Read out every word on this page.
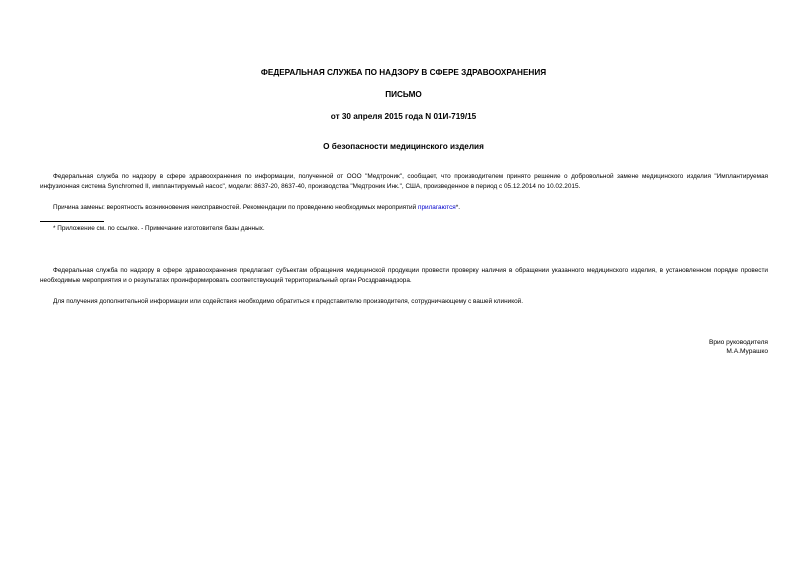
ФЕДЕРАЛЬНАЯ СЛУЖБА ПО НАДЗОРУ В СФЕРЕ ЗДРАВООХРАНЕНИЯ
ПИСЬМО
от 30 апреля 2015 года N 01И-719/15
О безопасности медицинского изделия
Федеральная служба по надзору в сфере здравоохранения по информации, полученной от ООО "Медтроник", сообщает, что производителем принято решение о добровольной замене медицинского изделия "Имплантируемая инфузионная система Synchromed II, имплантируемый насос", модели: 8637-20, 8637-40, производства "Медтроник Инк.", США, произведенное в период с 05.12.2014 по 10.02.2015.
Причина замены: вероятность возникновения неисправностей. Рекомендации по проведению необходимых мероприятий прилагаются*.
* Приложение см. по ссылке. - Примечание изготовителя базы данных.
Федеральная служба по надзору в сфере здравоохранения предлагает субъектам обращения медицинской продукции провести проверку наличия в обращении указанного медицинского изделия, в установленном порядке провести необходимые мероприятия и о результатах проинформировать соответствующий территориальный орган Росздравнадзора.
Для получения дополнительной информации или содействия необходимо обратиться к представителю производителя, сотрудничающему с вашей клиникой.
Врио руководителя
М.А.Мурашко
